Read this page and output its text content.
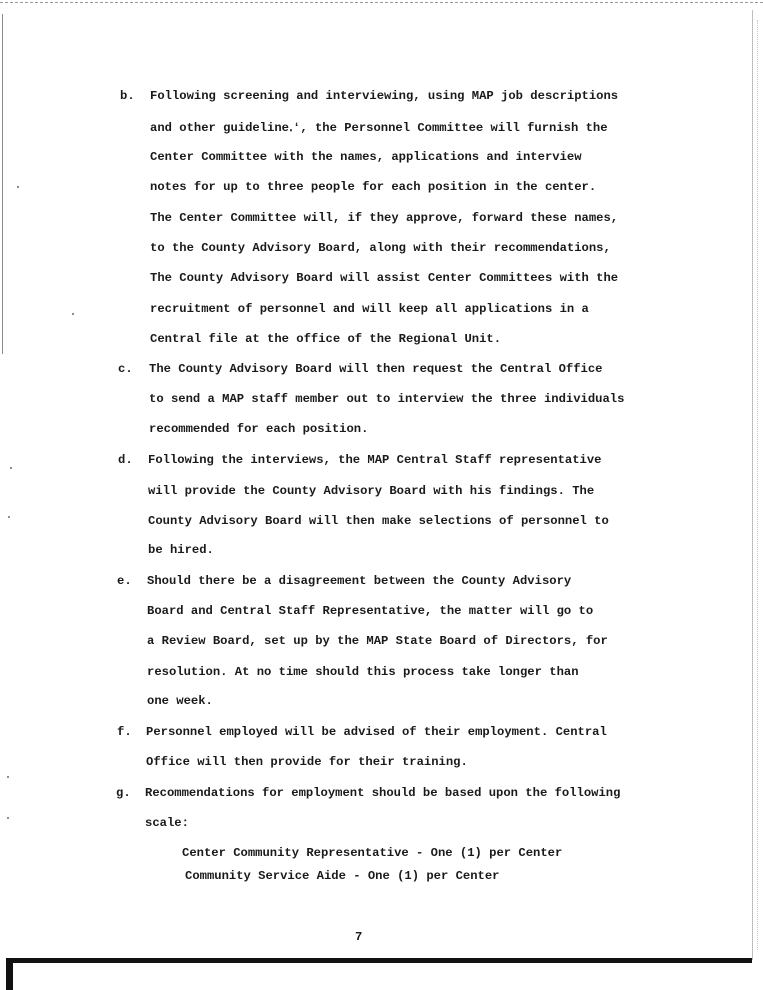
b. Following screening and interviewing, using MAP job descriptions
and other guideline․ʻ, the Personnel Committee will furnish the
Center Committee with the names, applications and interview
notes for up to three people for each position in the center.
The Center Committee will, if they approve, forward these names,
to the County Advisory Board, along with their recommendations,
The County Advisory Board will assist Center Committees with the
recruitment of personnel and will keep all applications in a
Central file at the office of the Regional Unit.
c. The County Advisory Board will then request the Central Office
to send a MAP staff member out to interview the three individuals
recommended for each position.
d. Following the interviews, the MAP Central Staff representative
will provide the County Advisory Board with his findings. The
County Advisory Board will then make selections of personnel to
be hired.
e. Should there be a disagreement between the County Advisory
Board and Central Staff Representative, the matter will go to
a Review Board, set up by the MAP State Board of Directors, for
resolution. At no time should this process take longer than
one week.
f. Personnel employed will be advised of their employment. Central
Office will then provide for their training.
g. Recommendations for employment should be based upon the following
scale:
Center Community Representative - One (1) per Center
Community Service Aide - One (1) per Center
7
